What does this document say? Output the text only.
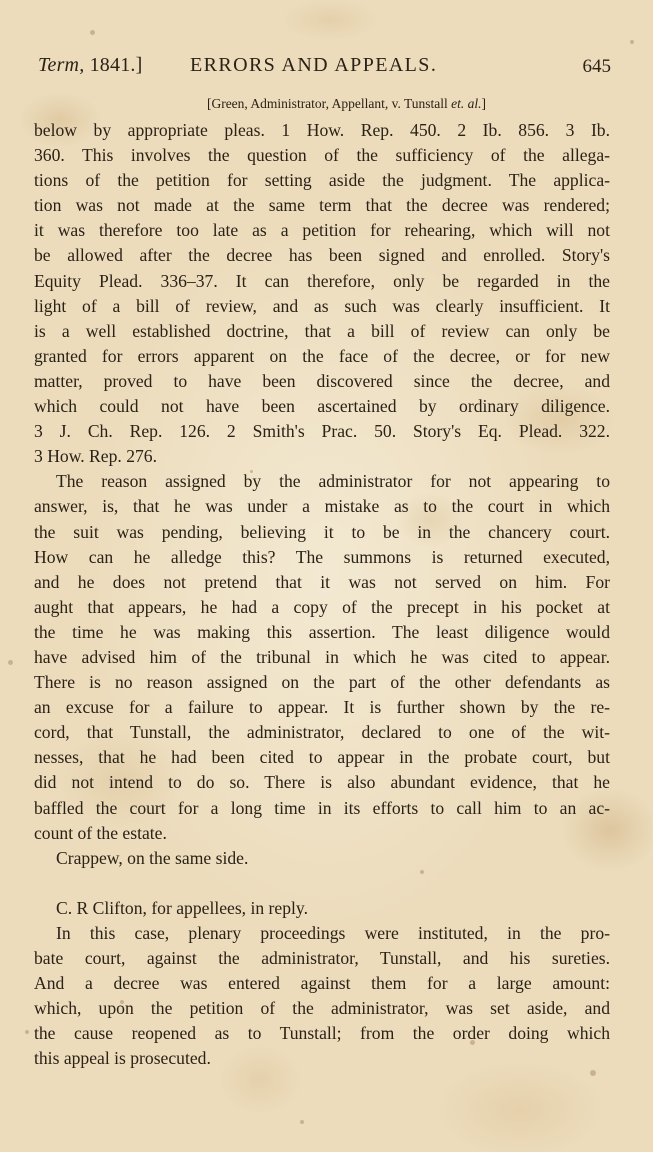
Term, 1841.] ERRORS AND APPEALS.	645
[Green, Administrator, Appellant, v. Tunstall et. al.]
below by appropriate pleas. 1 How. Rep. 450. 2 Ib. 856. 3 Ib.
360. This involves the question of the sufficiency of the allega-
tions of the petition for setting aside the judgment. The applica-
tion was not made at the same term that the decree was rendered;
it was therefore too late as a petition for rehearing, which will not
be allowed after the decree has been signed and enrolled. Story's
Equity Plead. 336–37. It can therefore, only be regarded in the
light of a bill of review, and as such was clearly insufficient. It
is a well established doctrine, that a bill of review can only be
granted for errors apparent on the face of the decree, or for new
matter, proved to have been discovered since the decree, and
which could not have been ascertained by ordinary diligence.
3 J. Ch. Rep. 126. 2 Smith's Prac. 50. Story's Eq. Plead. 322.
3 How. Rep. 276.
The reason assigned by the administrator for not appearing to
answer, is, that he was under a mistake as to the court in which
the suit was pending, believing it to be in the chancery court.
How can he alledge this? The summons is returned executed,
and he does not pretend that it was not served on him. For
aught that appears, he had a copy of the precept in his pocket at
the time he was making this assertion. The least diligence would
have advised him of the tribunal in which he was cited to appear.
There is no reason assigned on the part of the other defendants as
an excuse for a failure to appear. It is further shown by the re-
cord, that Tunstall, the administrator, declared to one of the wit-
nesses, that he had been cited to appear in the probate court, but
did not intend to do so. There is also abundant evidence, that he
baffled the court for a long time in its efforts to call him to an ac-
count of the estate.
Crappew, on the same side.
C. R Clifton, for appellees, in reply.
In this case, plenary proceedings were instituted, in the pro-
bate court, against the administrator, Tunstall, and his sureties.
And a decree was entered against them for a large amount:
which, upon the petition of the administrator, was set aside, and
the cause reopened as to Tunstall; from the order doing which
this appeal is prosecuted.
